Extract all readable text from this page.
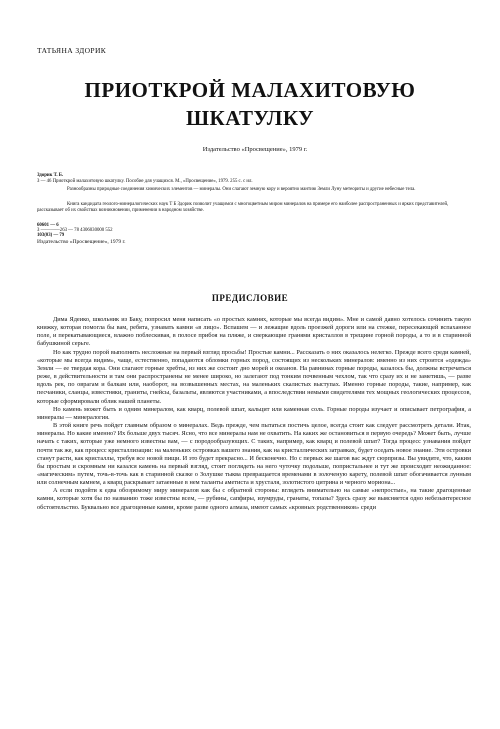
ТАТЬЯНА ЗДОРИК
ПРИОТКРОЙ МАЛАХИТОВУЮ
ШКАТУЛКУ
Издательство «Просвещение», 1979 г.
Здорик Т. Б.
З — 46 Приоткрой малахитовую шкатулку. Пособие для учащихся. М., «Просвещение», 1979. 255 с. с ил.
Разнообразны природные соединения химических элементов — минералы. Они слагают земную кору и вероятно мантию Земли Луну метеориты и другие небесные тела.
Книга кандидата геолого-минералогических наук Т Б Здорик позволит учащимся с многоцветным миром минералов на примере его наиболее распространенных и ярких представителей, рассказывает об их свойствах возникновении, применении в народном хозяйстве.
60601 — 6
З ————263 — 78 4306030000 552
103(03) — 79
Издательство «Просвещение», 1979 г.
ПРЕДИСЛОВИЕ

Дима Ядеико, школьник из Баку, попросил меня написать «о простых камнях, которые мы всегда видим». Мне и самой давно хотелось сочинить такую книжку, которая помогла бы вам, ребята, узнавать камни «в лицо». Вспашем — и лежащие вдоль проезжей дороги или на стежке, пересекающей вспаханное поле, и перекатывающиеся, влажно поблескивая, в полосе прибоя на пляже, и сверкающие гранями кристаллов в трещине горной породы, а то и в старинной бабушкиной серьге.

Но как трудно порой выполнить несложные на первый взгляд просьбы! Простые камни... Рассказать о них оказалось нелегко. Прежде всего среди камней, «которые мы всегда видим», чаще, естественно, попадаются обломки горных пород, состоящих из нескольких минералов: именно из них строится «одежда» Земли — ее твердая кора. Они слагают горные хребты, из них же состоит дно морей и океанов. На равнинах горные породы, казалось бы, должны встречаться реже, в действительности и там они распространены не менее широко, но залегают под тонким почвенным чехлом, так что сразу их и не заметишь, — разве вдоль рек, по оврагам и балкам или, наоборот, на возвышенных местах, на маленьких скалистых выступах. Именно горные породы, такие, например, как песчаники, сланцы, известняки, граниты, гнейсы, базальты, являются участниками, а впоследствии немыми свидетелями тех мощных геологических процессов, которые сформировали облик нашей планеты.

Но камень может быть и одним минералом, как кварц, полевой шпат, кальцит или каменная соль. Горные породы изучает и описывает петрография, а минералы — минералогия.

В этой книге речь пойдет главным образом о минералах. Ведь прежде, чем пытаться постичь целое, всегда стоит как следует рассмотреть детали. Итак, минералы. Но какие именно? Их больше двух тысяч. Ясно, что все минералы нам не охватить. На каких же остановиться в первую очередь? Может быть, лучше начать с таких, которые уже немного известны вам, — с породообразующих. С таких, например, как кварц и полевой шпат? Тогда процесс узнавания пойдет почти так же, как процесс кристаллизации: на маленьких островках вашего знания, как на кристаллических затравках, будет оседать новое знание. Эти островки станут расти, как кристаллы, требуя все новой пищи. И это будет прекрасно... И бесконечно. Но с первых же шагов вас ждут сюрпризы. Вы увидите, что, каким бы простым и скромным ни казался камень на первый взгляд, стоит поглядеть на него чуточку подольше, попристальнее и тут же происходит неожиданное: «магическим» путем, точь-в-точь как в старинной сказке о Золушке тыква превращается временами в золоченую карету, полевой шпат обогачивается лунным или солнечным камнем, а кварц раскрывает затаенные в нем таланты аметиста и хрусталя, золотистого цитрина и черного мориона...

А если подойти к едва обозримому миру минералов как бы с обратной стороны: вглядеть внимательно на самые «непростые», на такие драгоценные камни, которые хотя бы по названию тоже известны всем, — рубины, сапфиры, изумруды, гранаты, топазы? Здесь сразу же выясняется одно небезынтересное обстоятельство. Буквально все драгоценные камни, кроме разве одного алмаза, имеют самых «кровных родственников» среди
